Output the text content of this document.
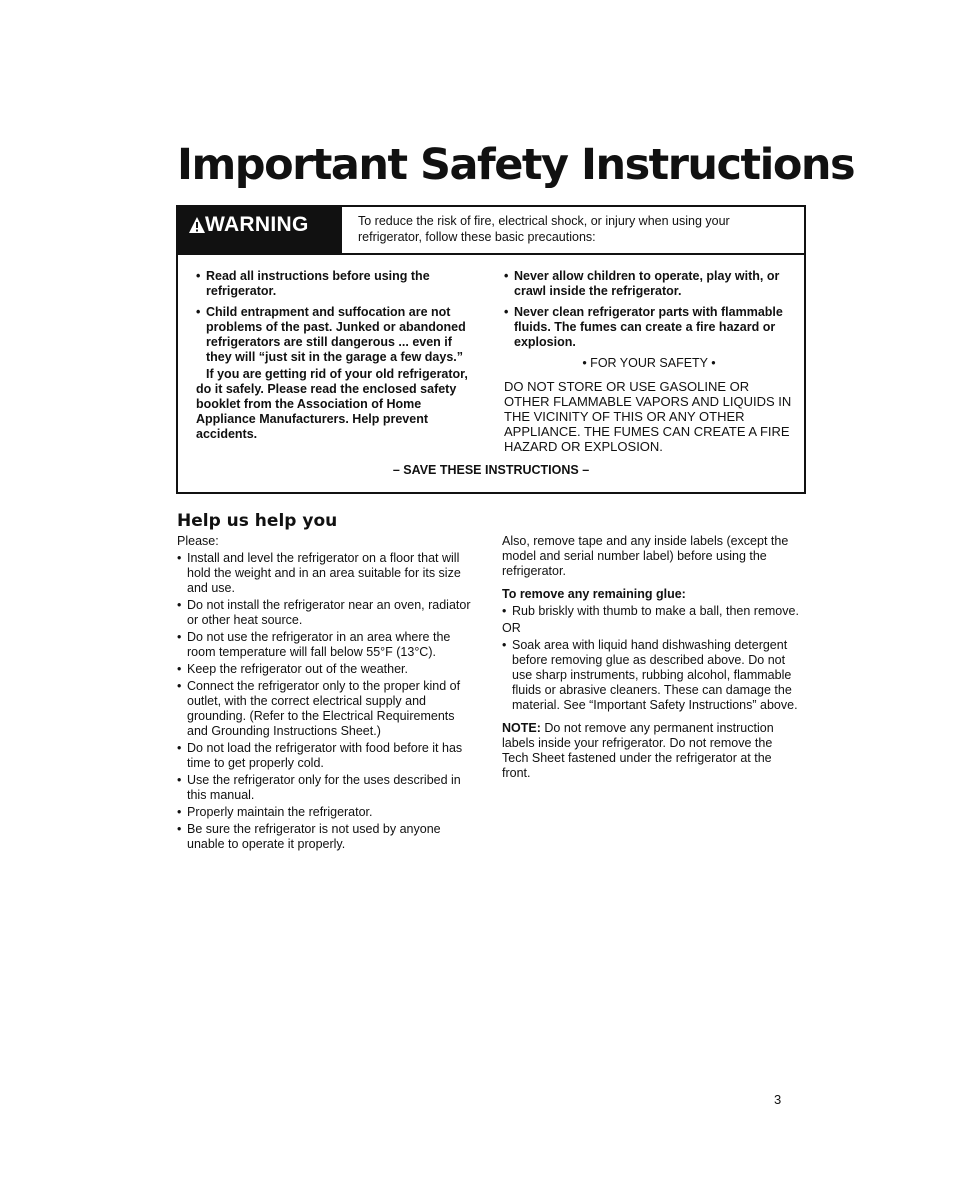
Important Safety Instructions
WARNING	To reduce the risk of fire, electrical shock, or injury when using your refrigerator, follow these basic precautions:

• Read all instructions before using the refrigerator.

• Child entrapment and suffocation are not problems of the past. Junked or abandoned refrigerators are still dangerous ... even if they will “just sit in the garage a few days.”

If you are getting rid of your old refrigerator, do it safely. Please read the enclosed safety booklet from the Association of Home Appliance Manufacturers. Help prevent accidents.

• Never allow children to operate, play with, or crawl inside the refrigerator.

• Never clean refrigerator parts with flammable fluids. The fumes can create a fire hazard or explosion.

• FOR YOUR SAFETY •

DO NOT STORE OR USE GASOLINE OR OTHER FLAMMABLE VAPORS AND LIQUIDS IN THE VICINITY OF THIS OR ANY OTHER APPLIANCE. THE FUMES CAN CREATE A FIRE HAZARD OR EXPLOSION.

– SAVE THESE INSTRUCTIONS –
Help us help you

Please:

• Install and level the refrigerator on a floor that will hold the weight and in an area suitable for its size and use.

• Do not install the refrigerator near an oven, radiator or other heat source.

• Do not use the refrigerator in an area where the room temperature will fall below 55°F (13°C).

• Keep the refrigerator out of the weather.

• Connect the refrigerator only to the proper kind of outlet, with the correct electrical supply and grounding. (Refer to the Electrical Requirements and Grounding Instructions Sheet.)

• Do not load the refrigerator with food before it has time to get properly cold.

• Use the refrigerator only for the uses described in this manual.

• Properly maintain the refrigerator.

• Be sure the refrigerator is not used by anyone unable to operate it properly.

Also, remove tape and any inside labels (except the model and serial number label) before using the refrigerator.

To remove any remaining glue:

• Rub briskly with thumb to make a ball, then remove.

OR

• Soak area with liquid hand dishwashing detergent before removing glue as described above. Do not use sharp instruments, rubbing alcohol, flammable fluids or abrasive cleaners. These can damage the material. See “Important Safety Instructions” above.

NOTE: Do not remove any permanent instruction labels inside your refrigerator. Do not remove the Tech Sheet fastened under the refrigerator at the front.

3
